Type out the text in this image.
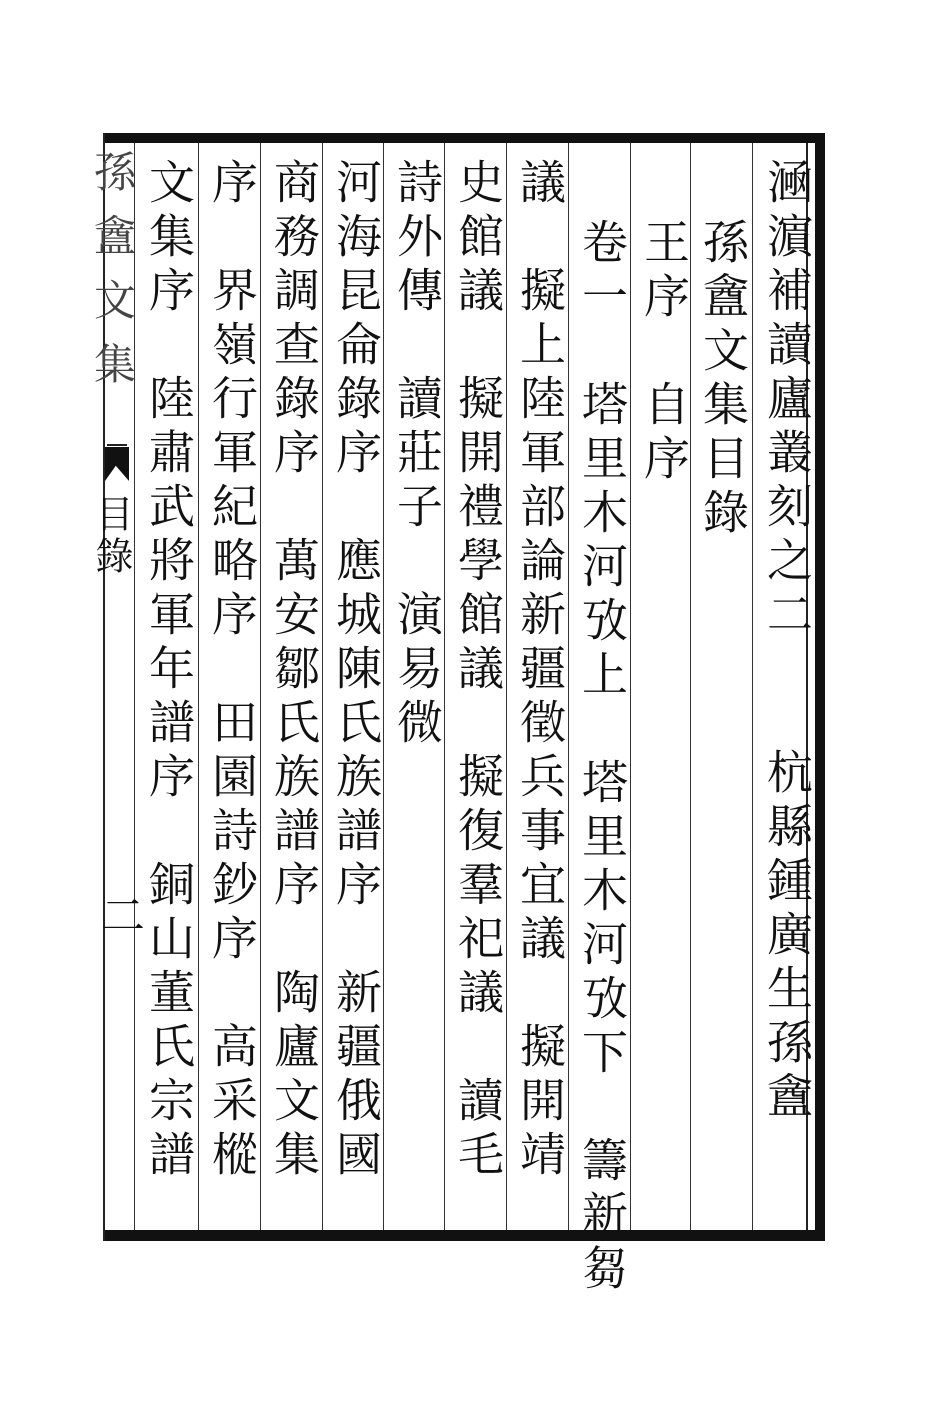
㴠濵補讀廬叢刻之二
杭縣鍾廣生孫盦
孫盦文集目錄
王序　自序
卷一　塔里木河攷上　塔里木河攷下　籌新芻
議　擬上陸軍部論新疆徵兵事宜議　擬開靖
史館議　擬開禮學館議　擬復羣祀議　讀毛
詩外傳　讀莊子　演易微
河海昆侖錄序　應城陳氏族譜序　新疆俄國
商務調查錄序　萬安鄒氏族譜序　陶廬文集
序　界嶺行軍紀略序　田園詩鈔序　高采樅
文集序　陸肅武將軍年譜序　銅山董氏宗譜
孫盦文集
目錄
二
